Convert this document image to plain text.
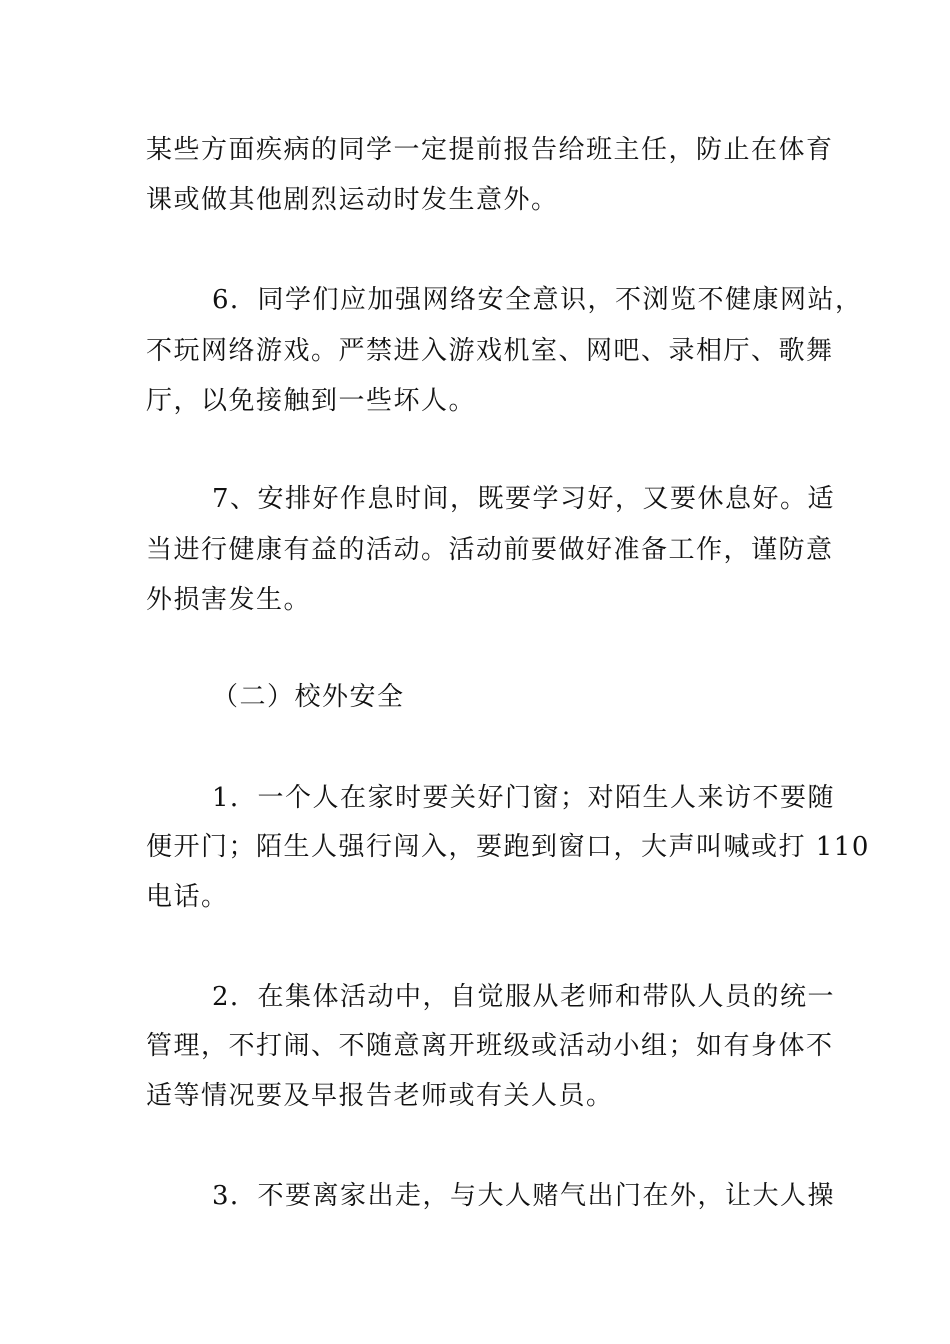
某些方面疾病的同学一定提前报告给班主任，防止在体育
课或做其他剧烈运动时发生意外。
6．同学们应加强网络安全意识，不浏览不健康网站，
不玩网络游戏。严禁进入游戏机室、网吧、录相厅、歌舞
厅，以免接触到一些坏人。
7、安排好作息时间，既要学习好，又要休息好。适
当进行健康有益的活动。活动前要做好准备工作，谨防意
外损害发生。
（二）校外安全
1．一个人在家时要关好门窗；对陌生人来访不要随
便开门；陌生人强行闯入，要跑到窗口，大声叫喊或打 110
电话。
2．在集体活动中，自觉服从老师和带队人员的统一
管理，不打闹、不随意离开班级或活动小组；如有身体不
适等情况要及早报告老师或有关人员。
3．不要离家出走，与大人赌气出门在外，让大人操
